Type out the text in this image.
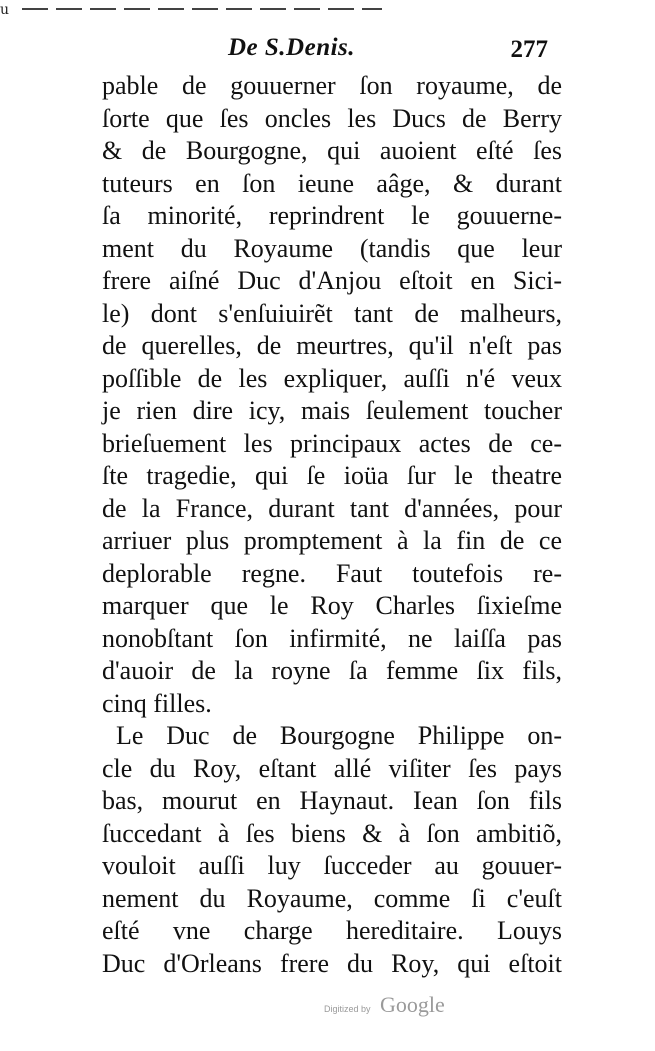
u
De S.Denis.	277
pable de gouuerner ſon royaume, de
ſorte que ſes oncles les Ducs de Berry
& de Bourgogne, qui auoient eſté ſes
tuteurs en ſon ieune aâge, & durant
ſa minorité, reprindrent le gouuerne-
ment du Royaume (tandis que leur
frere aiſné Duc d'Anjou eſtoit en Sici-
le) dont s'enſuiuirẽt tant de malheurs,
de querelles, de meurtres, qu'il n'eſt pas
poſſible de les expliquer, auſſi n'é veux
je rien dire icy, mais ſeulement toucher
brieſuement les principaux actes de ce-
ſte tragedie, qui ſe ioüa ſur le theatre
de la France, durant tant d'années, pour
arriuer plus promptement à la fin de ce
deplorable regne. Faut toutefois re-
marquer que le Roy Charles ſixieſme
nonobſtant ſon infirmité, ne laiſſa pas
d'auoir de la royne ſa femme ſix fils,
cinq filles.
Le Duc de Bourgogne Philippe on-
cle du Roy, eſtant allé viſiter ſes pays
bas, mourut en Haynaut. Iean ſon fils
ſuccedant à ſes biens & à ſon ambitiõ,
vouloit auſſi luy ſucceder au gouuer-
nement du Royaume, comme ſi c'euſt
eſté vne charge hereditaire. Louys
Duc d'Orleans frere du Roy, qui eſtoit
Digitized by Google
